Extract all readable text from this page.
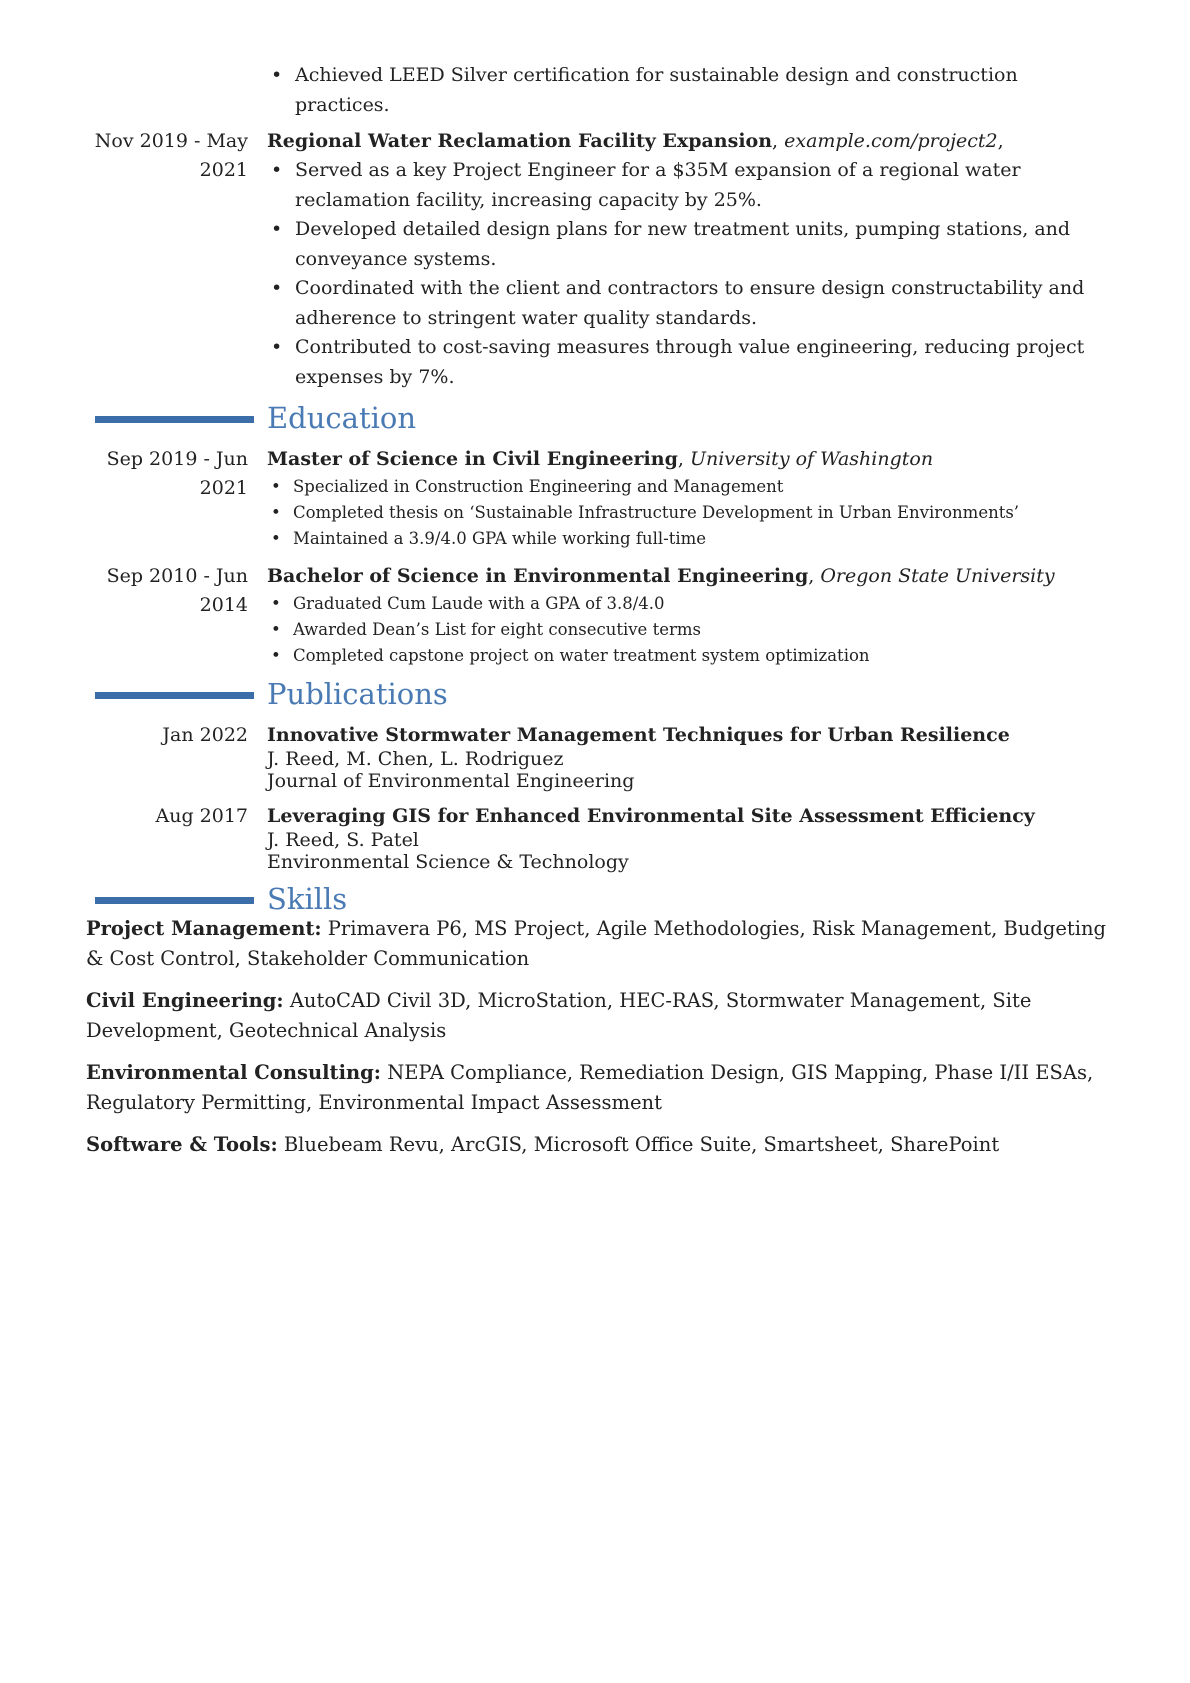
• Achieved LEED Silver certification for sustainable design and construction practices.
Nov 2019 - May 2021
Regional Water Reclamation Facility Expansion, example.com/project2,
• Served as a key Project Engineer for a $35M expansion of a regional water reclamation facility, increasing capacity by 25%.
• Developed detailed design plans for new treatment units, pumping stations, and conveyance systems.
• Coordinated with the client and contractors to ensure design constructability and adherence to stringent water quality standards.
• Contributed to cost-saving measures through value engineering, reducing project expenses by 7%.
Education
Sep 2019 - Jun 2021
Master of Science in Civil Engineering, University of Washington
• Specialized in Construction Engineering and Management
• Completed thesis on ‘Sustainable Infrastructure Development in Urban Environments’
• Maintained a 3.9/4.0 GPA while working full-time
Sep 2010 - Jun 2014
Bachelor of Science in Environmental Engineering, Oregon State University
• Graduated Cum Laude with a GPA of 3.8/4.0
• Awarded Dean’s List for eight consecutive terms
• Completed capstone project on water treatment system optimization
Publications
Jan 2022 Innovative Stormwater Management Techniques for Urban Resilience
J. Reed, M. Chen, L. Rodriguez
Journal of Environmental Engineering
Aug 2017 Leveraging GIS for Enhanced Environmental Site Assessment Efficiency
J. Reed, S. Patel
Environmental Science & Technology
Skills
Project Management: Primavera P6, MS Project, Agile Methodologies, Risk Management, Budgeting & Cost Control, Stakeholder Communication
Civil Engineering: AutoCAD Civil 3D, MicroStation, HEC-RAS, Stormwater Management, Site Development, Geotechnical Analysis
Environmental Consulting: NEPA Compliance, Remediation Design, GIS Mapping, Phase I/II ESAs, Regulatory Permitting, Environmental Impact Assessment
Software & Tools: Bluebeam Revu, ArcGIS, Microsoft Office Suite, Smartsheet, SharePoint
